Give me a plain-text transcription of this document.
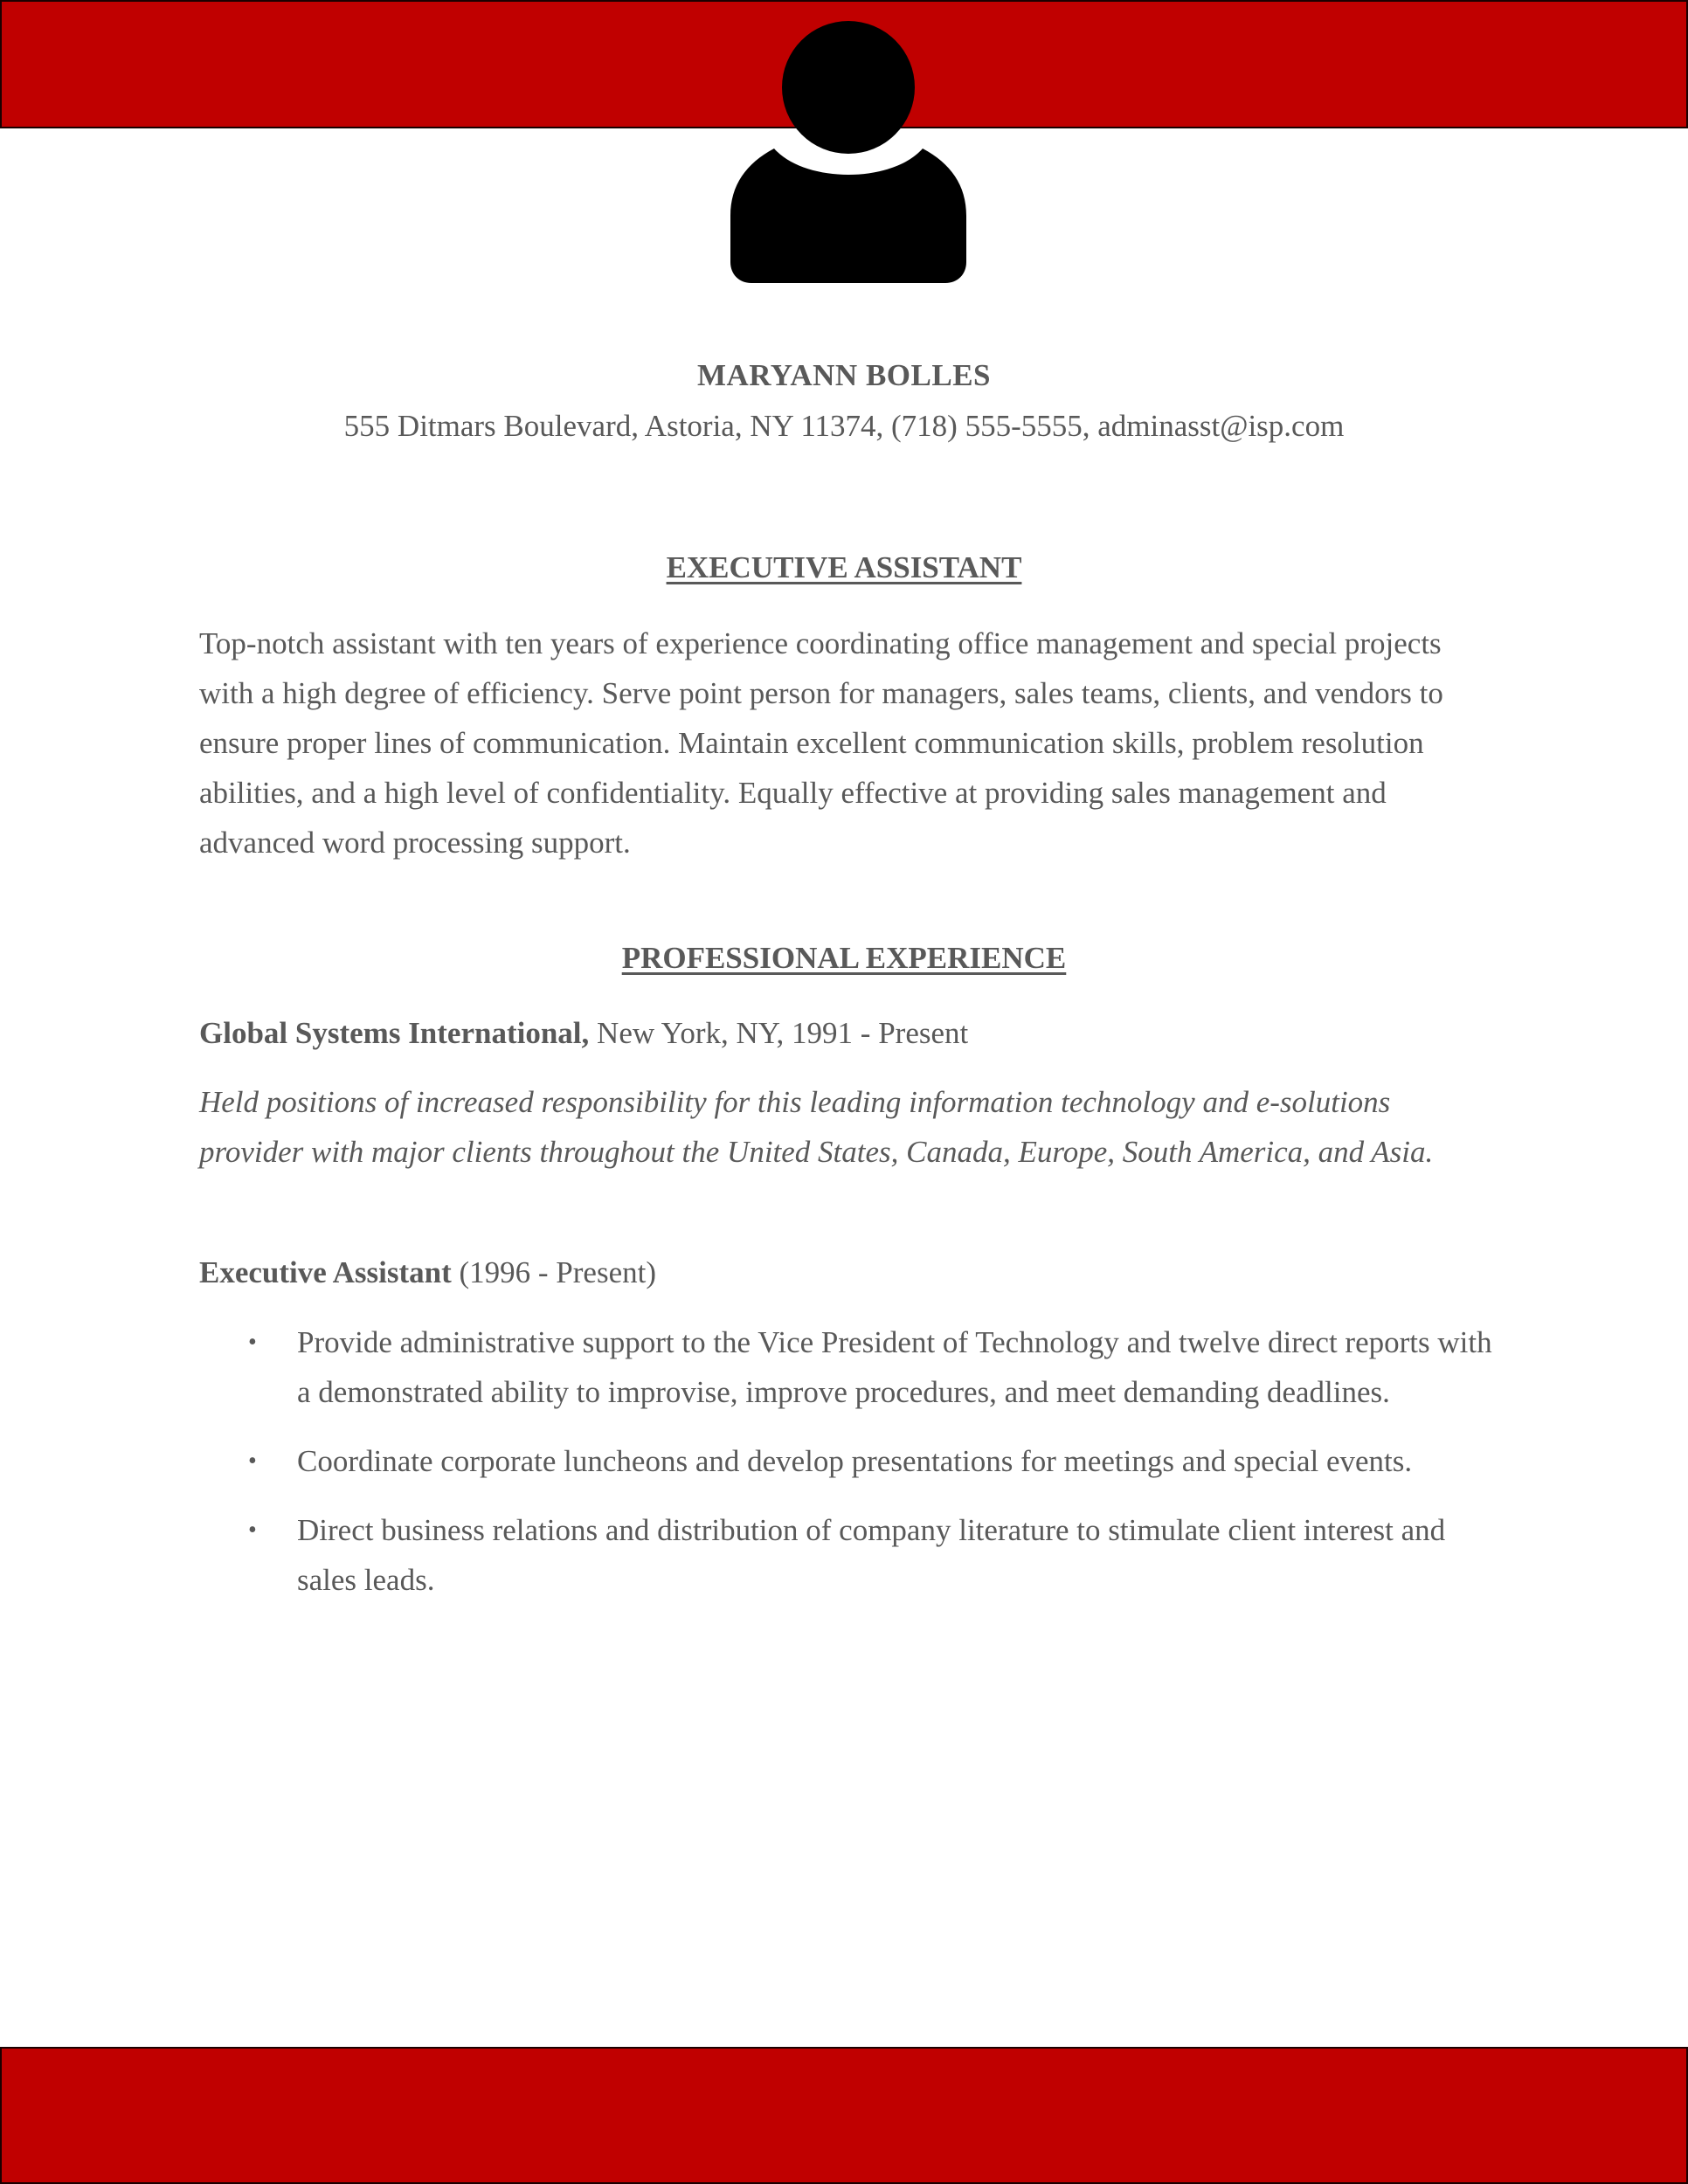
MARYANN BOLLES
555 Ditmars Boulevard, Astoria, NY 11374, (718) 555-5555, adminasst@isp.com
EXECUTIVE ASSISTANT
Top-notch assistant with ten years of experience coordinating office management and special projects with a high degree of efficiency. Serve point person for managers, sales teams, clients, and vendors to ensure proper lines of communication. Maintain excellent communication skills, problem resolution abilities, and a high level of confidentiality. Equally effective at providing sales management and advanced word processing support.
PROFESSIONAL EXPERIENCE
Global Systems International, New York, NY, 1991 - Present
Held positions of increased responsibility for this leading information technology and e-solutions provider with major clients throughout the United States, Canada, Europe, South America, and Asia.
Executive Assistant (1996 - Present)
• Provide administrative support to the Vice President of Technology and twelve direct reports with a demonstrated ability to improvise, improve procedures, and meet demanding deadlines.
• Coordinate corporate luncheons and develop presentations for meetings and special events.
• Direct business relations and distribution of company literature to stimulate client interest and sales leads.
